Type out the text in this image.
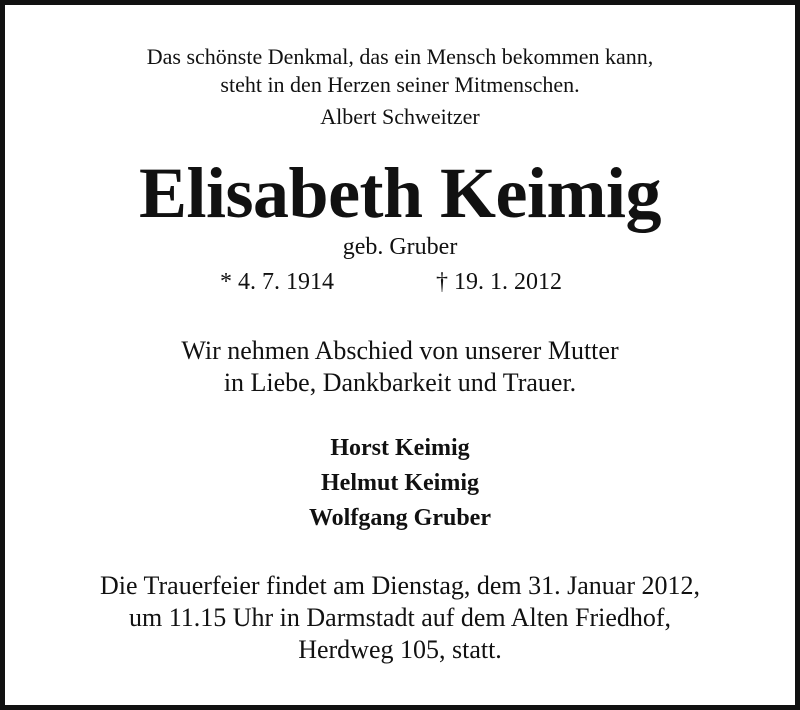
Das schönste Denkmal, das ein Mensch bekommen kann,
steht in den Herzen seiner Mitmenschen.
Albert Schweitzer
Elisabeth Keimig
geb. Gruber
* 4. 7. 1914	† 19. 1. 2012
Wir nehmen Abschied von unserer Mutter
in Liebe, Dankbarkeit und Trauer.
Horst Keimig
Helmut Keimig
Wolfgang Gruber
Die Trauerfeier findet am Dienstag, dem 31. Januar 2012,
um 11.15 Uhr in Darmstadt auf dem Alten Friedhof,
Herdweg 105, statt.
